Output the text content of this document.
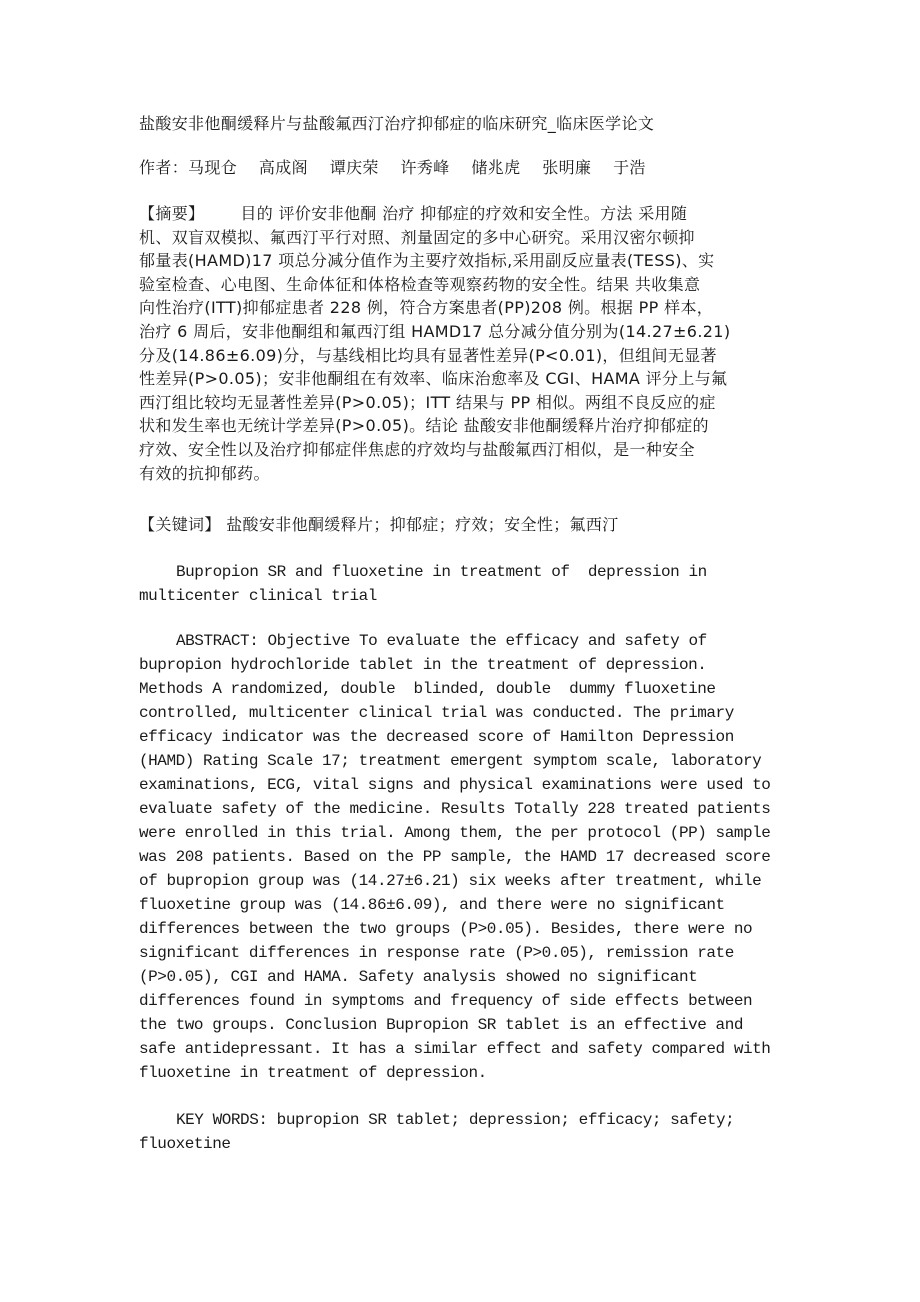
盐酸安非他酮缓释片与盐酸氟西汀治疗抑郁症的临床研究_临床医学论文
作者：马现仓　 高成阁　 谭庆荣　 许秀峰　 储兆虎　 张明廉　 于浩
【摘要】 目的 评价安非他酮 治疗 抑郁症的疗效和安全性。方法 采用随
机、双盲双模拟、氟西汀平行对照、剂量固定的多中心研究。采用汉密尔顿抑
郁量表(HAMD)17 项总分减分值作为主要疗效指标,采用副反应量表(TESS)、实
验室检查、心电图、生命体征和体格检查等观察药物的安全性。结果 共收集意
向性治疗(ITT)抑郁症患者 228 例，符合方案患者(PP)208 例。根据 PP 样本，
治疗 6 周后，安非他酮组和氟西汀组 HAMD17 总分减分值分别为(14.27±6.21)
分及(14.86±6.09)分，与基线相比均具有显著性差异(P<0.01)，但组间无显著
性差异(P>0.05)；安非他酮组在有效率、临床治愈率及 CGI、HAMA 评分上与氟
西汀组比较均无显著性差异(P>0.05)；ITT 结果与 PP 相似。两组不良反应的症
状和发生率也无统计学差异(P>0.05)。结论 盐酸安非他酮缓释片治疗抑郁症的
疗效、安全性以及治疗抑郁症伴焦虑的疗效均与盐酸氟西汀相似，是一种安全
有效的抗抑郁药。
【关键词】 盐酸安非他酮缓释片；抑郁症；疗效；安全性；氟西汀
Bupropion SR and fluoxetine in treatment of  depression in
multicenter clinical trial
ABSTRACT: Objective To evaluate the efficacy and safety of
bupropion hydrochloride tablet in the treatment of depression.
Methods A randomized, double  blinded, double  dummy fluoxetine
controlled, multicenter clinical trial was conducted. The primary
efficacy indicator was the decreased score of Hamilton Depression
(HAMD) Rating Scale 17; treatment emergent symptom scale, laboratory
examinations, ECG, vital signs and physical examinations were used to
evaluate safety of the medicine. Results Totally 228 treated patients
were enrolled in this trial. Among them, the per protocol (PP) sample
was 208 patients. Based on the PP sample, the HAMD 17 decreased score
of bupropion group was (14.27±6.21) six weeks after treatment, while
fluoxetine group was (14.86±6.09), and there were no significant
differences between the two groups (P>0.05). Besides, there were no
significant differences in response rate (P>0.05), remission rate
(P>0.05), CGI and HAMA. Safety analysis showed no significant
differences found in symptoms and frequency of side effects between
the two groups. Conclusion Bupropion SR tablet is an effective and
safe antidepressant. It has a similar effect and safety compared with
fluoxetine in treatment of depression.
KEY WORDS: bupropion SR tablet; depression; efficacy; safety;
fluoxetine
